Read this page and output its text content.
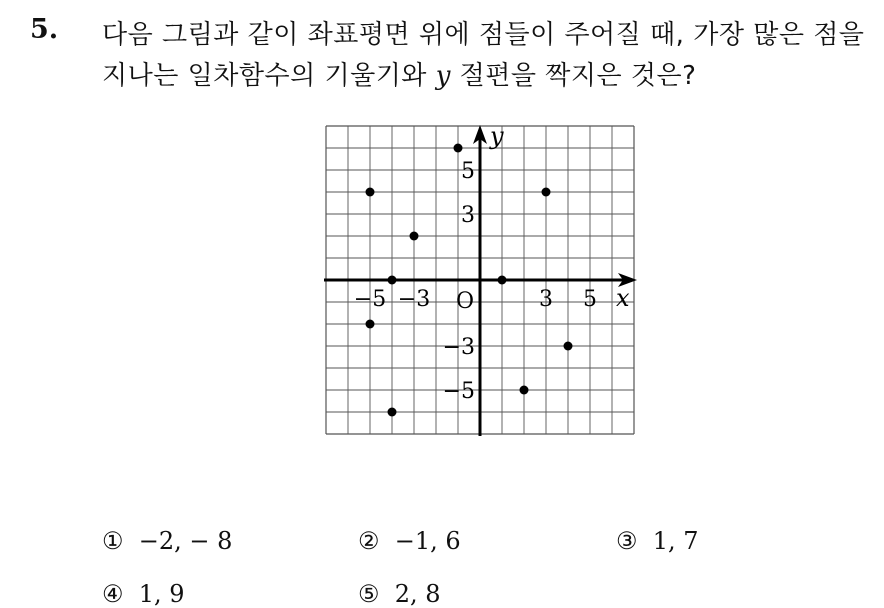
5. 다음 그림과 같이 좌표평면 위에 점들이 주어질 때, 가장 많은 점을
지나는 일차함수의 기울기와 y 절편을 짝지은 것은?
−5 −3	3 5
5
3
−3
−5
x
y
O
① −2, − 8	② −1, 6	③ 1, 7
④ 1, 9	⑤ 2, 8
